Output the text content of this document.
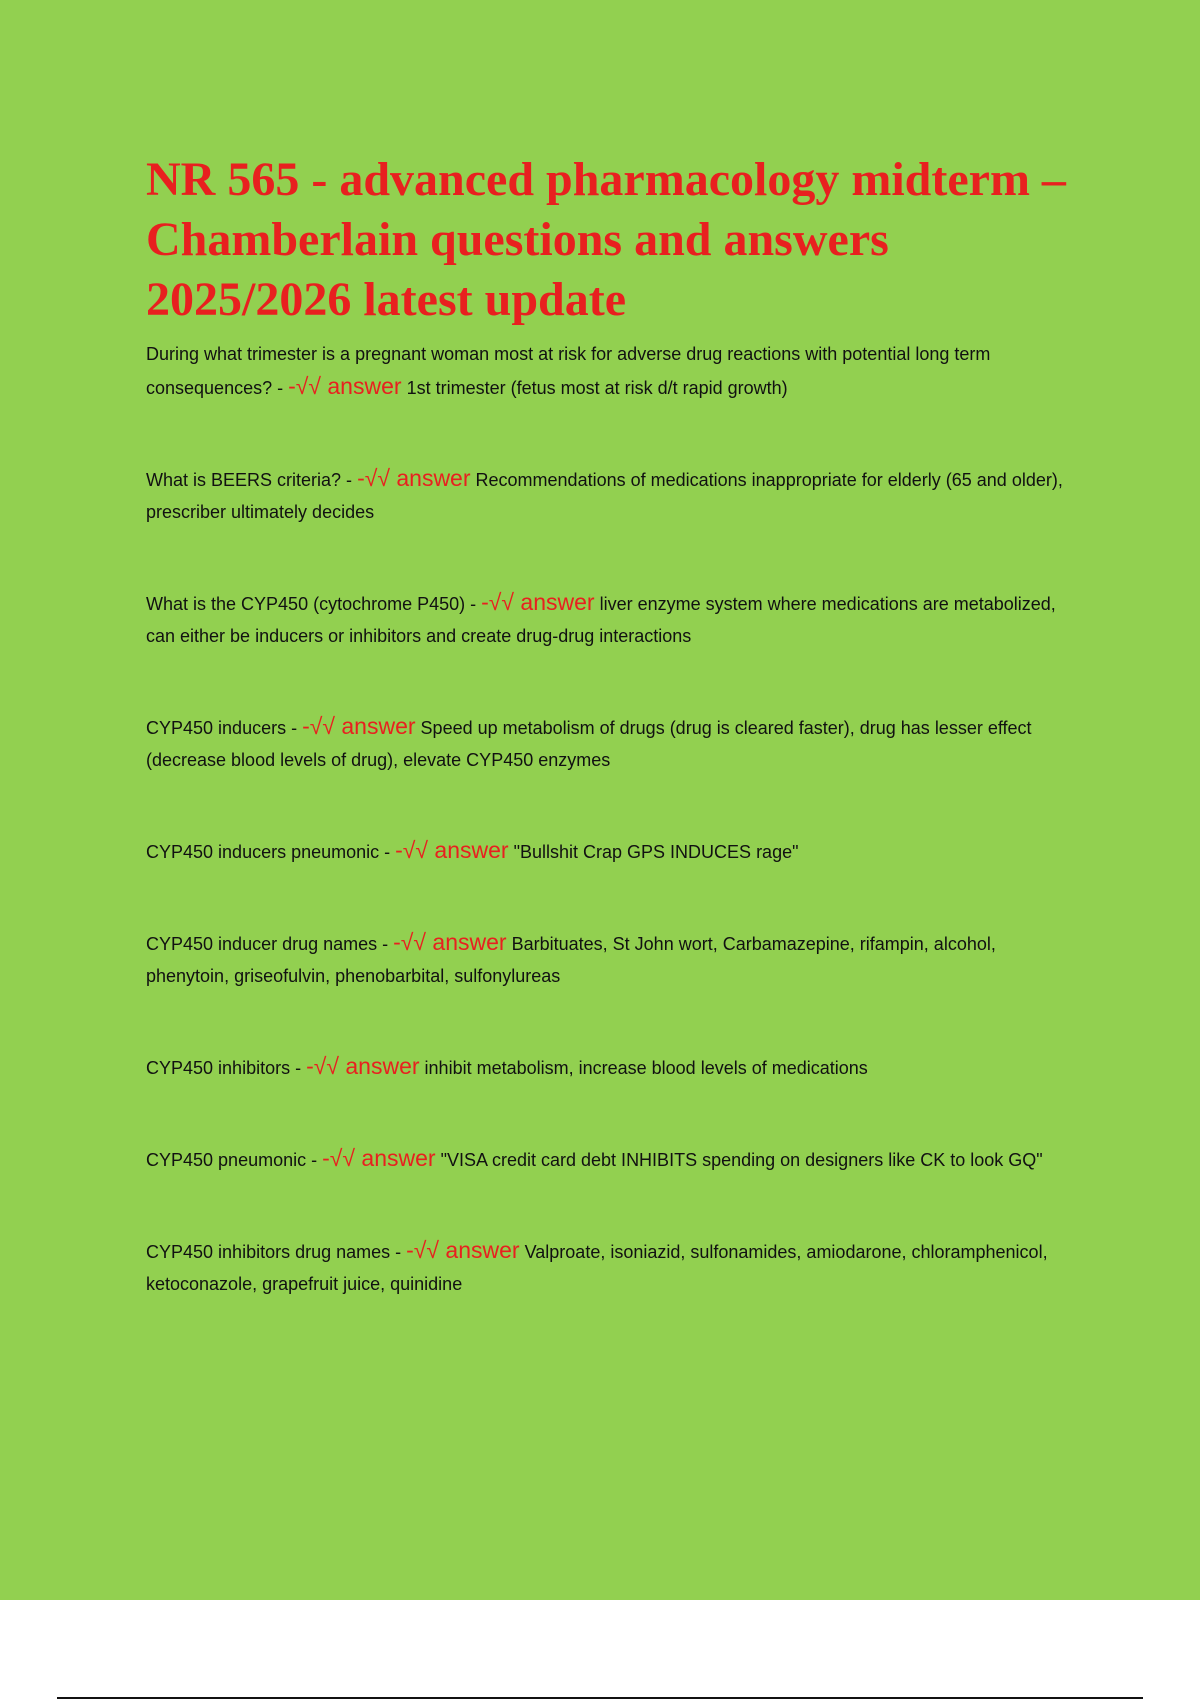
NR 565 - advanced pharmacology midterm – Chamberlain questions and answers 2025/2026 latest update
During what trimester is a pregnant woman most at risk for adverse drug reactions with potential long term consequences? - -√√ answer 1st trimester (fetus most at risk d/t rapid growth)
What is BEERS criteria? - -√√ answer Recommendations of medications inappropriate for elderly (65 and older), prescriber ultimately decides
What is the CYP450 (cytochrome P450) - -√√ answer liver enzyme system where medications are metabolized, can either be inducers or inhibitors and create drug-drug interactions
CYP450 inducers - -√√ answer Speed up metabolism of drugs (drug is cleared faster), drug has lesser effect (decrease blood levels of drug), elevate CYP450 enzymes
CYP450 inducers pneumonic - -√√ answer "Bullshit Crap GPS INDUCES rage"
CYP450 inducer drug names - -√√ answer Barbituates, St John wort, Carbamazepine, rifampin, alcohol, phenytoin, griseofulvin, phenobarbital, sulfonylureas
CYP450 inhibitors - -√√ answer inhibit metabolism, increase blood levels of medications
CYP450 pneumonic - -√√ answer "VISA credit card debt INHIBITS spending on designers like CK to look GQ"
CYP450 inhibitors drug names - -√√ answer Valproate, isoniazid, sulfonamides, amiodarone, chloramphenicol, ketoconazole, grapefruit juice, quinidine
